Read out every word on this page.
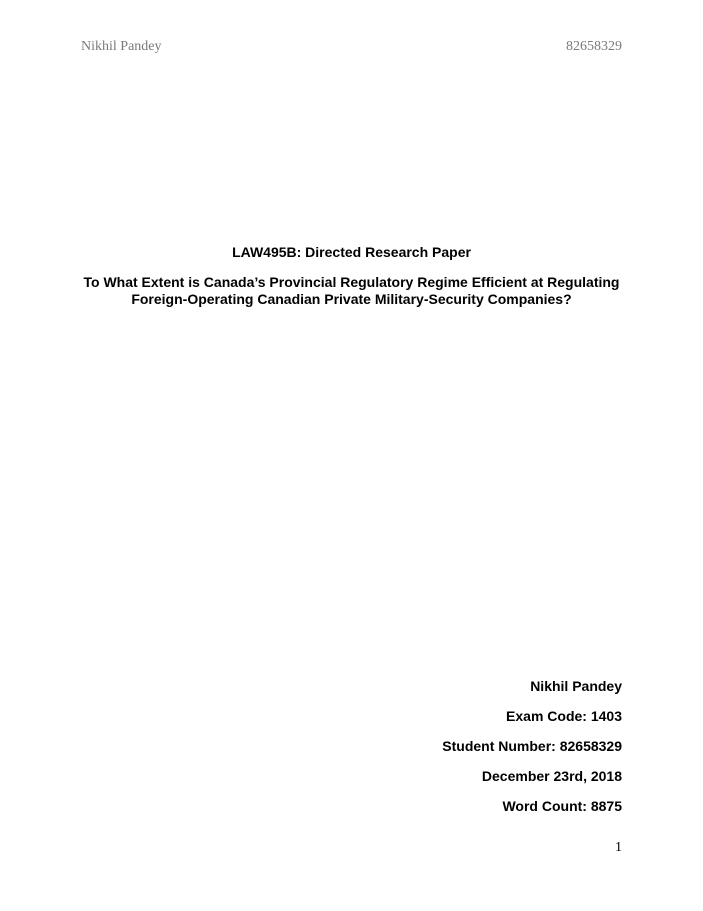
Nikhil Pandey	82658329
LAW495B: Directed Research Paper
To What Extent is Canada’s Provincial Regulatory Regime Efficient at Regulating
Foreign-Operating Canadian Private Military-Security Companies?
Nikhil Pandey
Exam Code: 1403
Student Number: 82658329
December 23rd, 2018
Word Count: 8875
1
